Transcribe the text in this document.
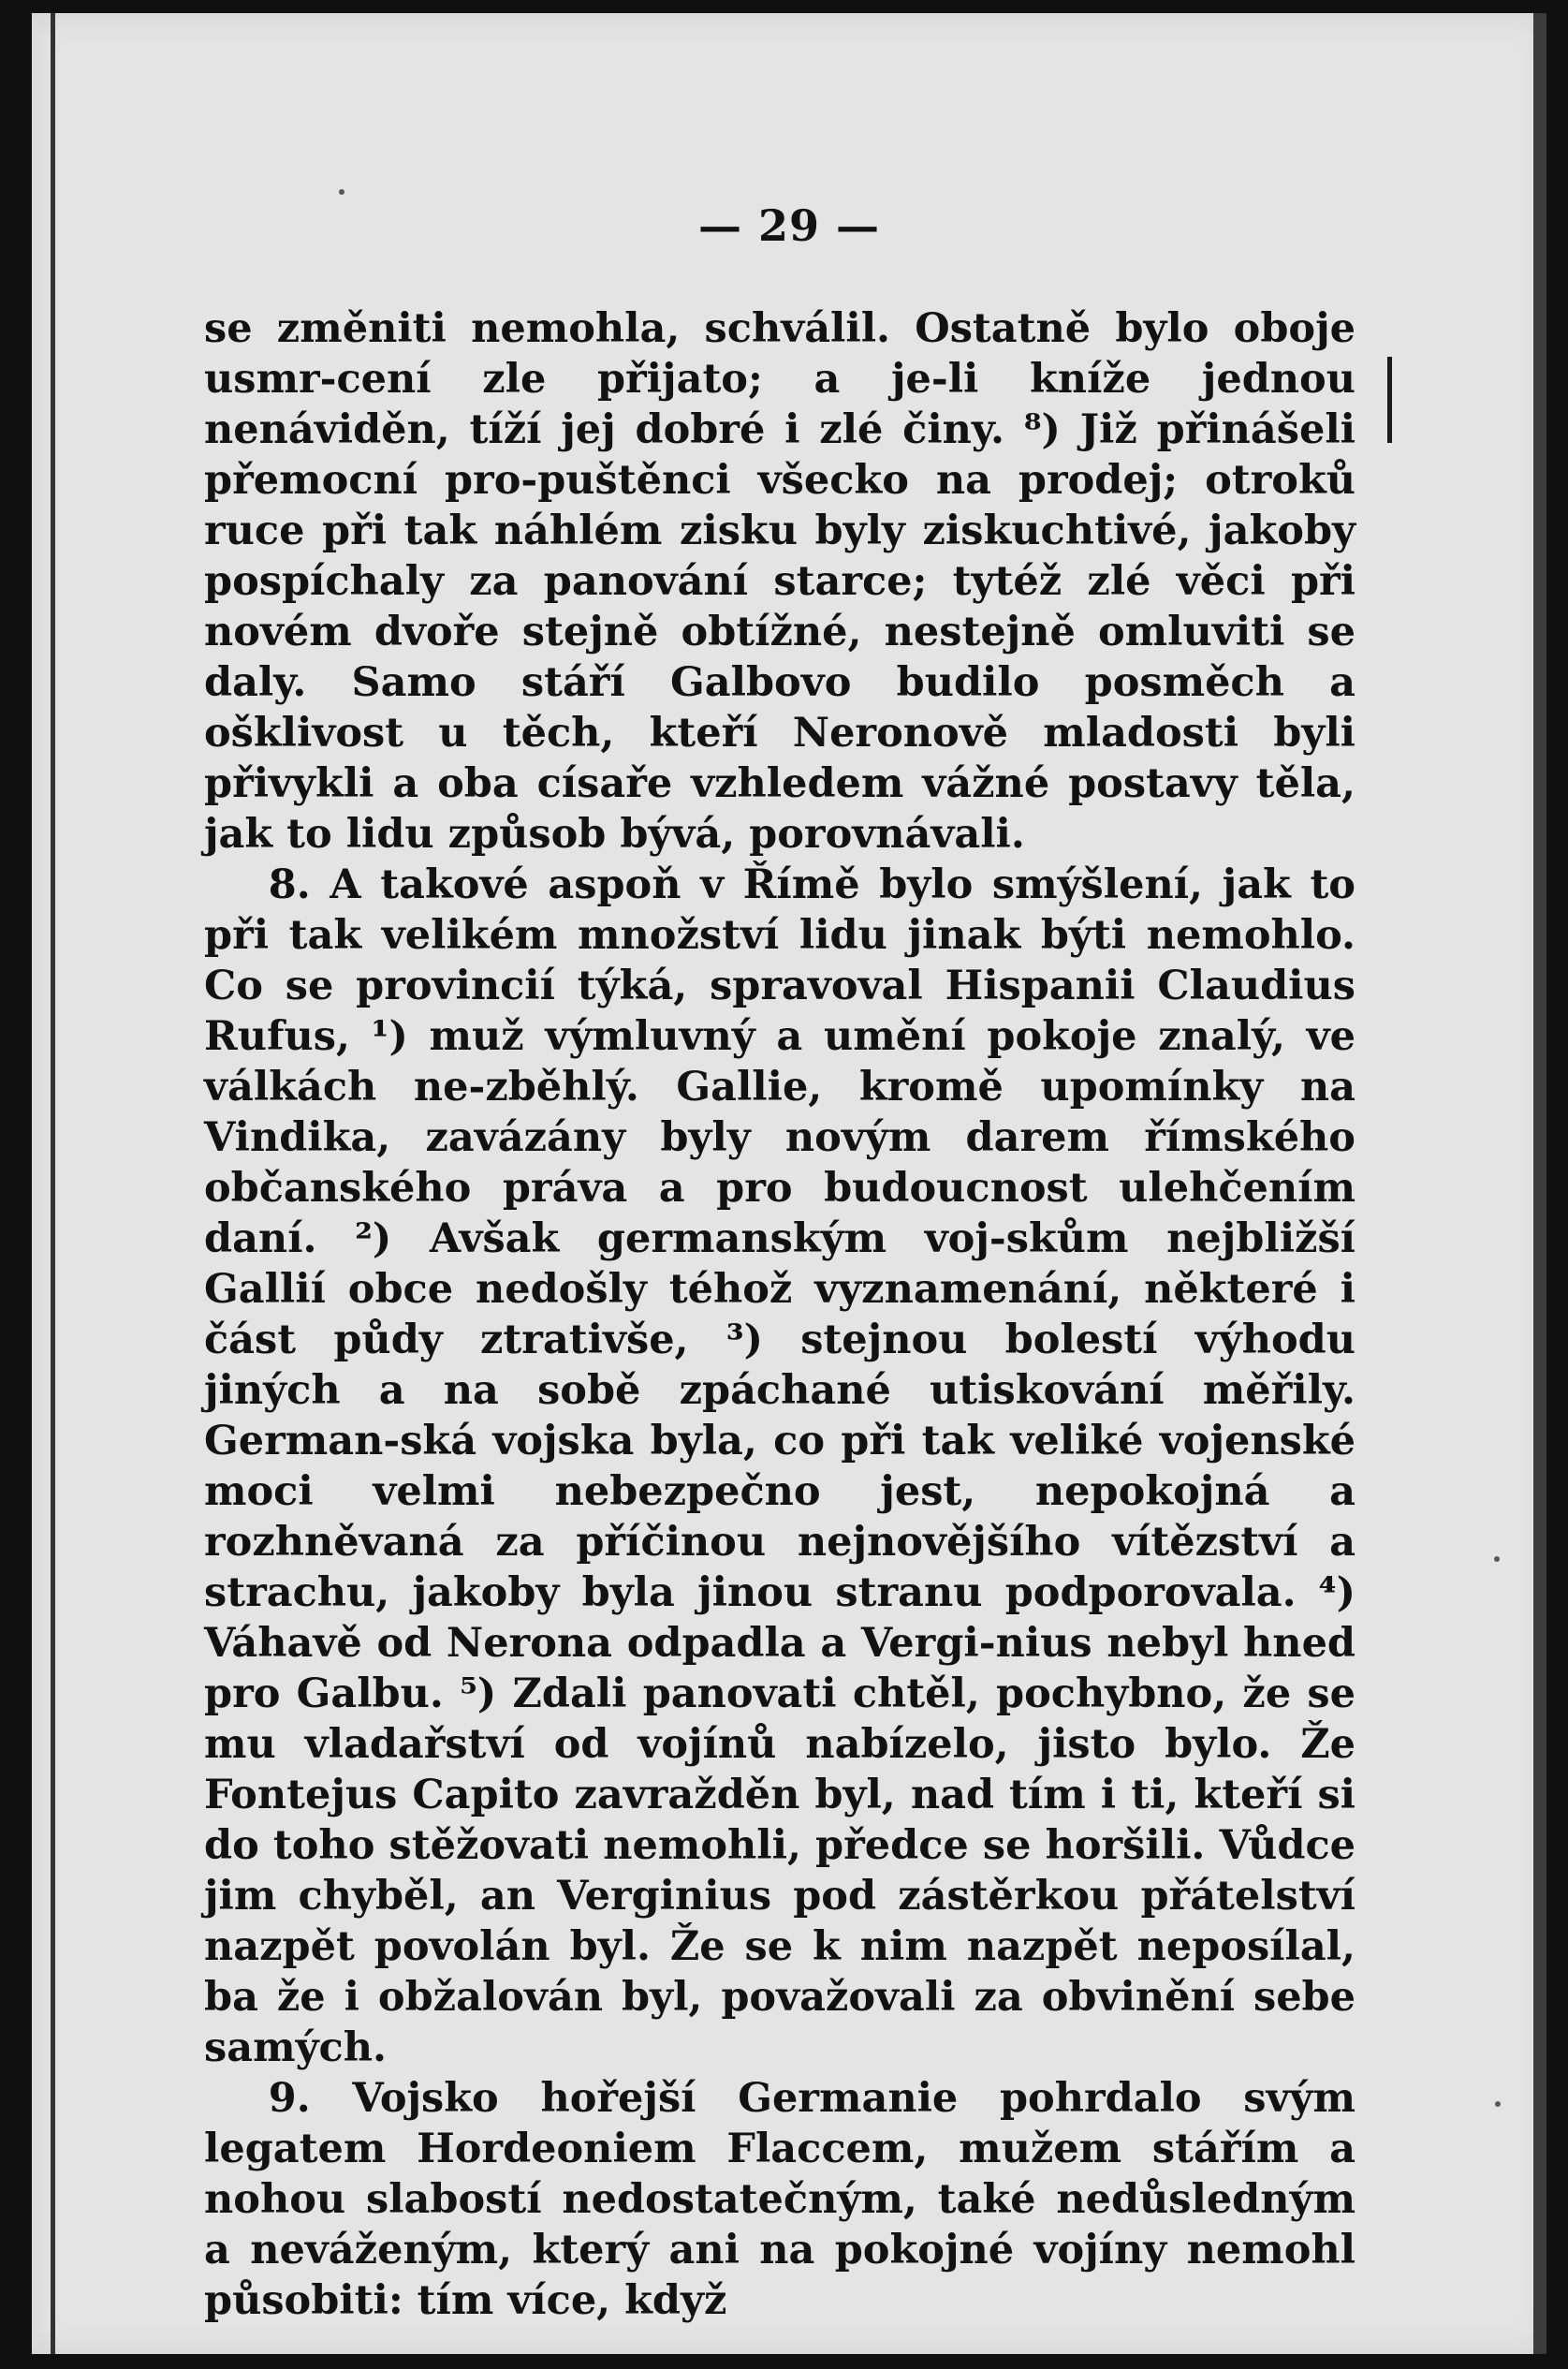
— 29 —

se změniti nemohla, schválil. Ostatně bylo oboje usmr-cení zle přijato; a je-li kníže jednou nenáviděn, tíží jej dobré i zlé činy. ⁸) Již přinášeli přemocní pro-puštěnci všecko na prodej; otroků ruce při tak náhlém zisku byly ziskuchtivé, jakoby pospíchaly za panování starce; tytéž zlé věci při novém dvoře stejně obtížné, nestejně omluviti se daly. Samo stáří Galbovo budilo posměch a ošklivost u těch, kteří Neronově mladosti byli přivykli a oba císaře vzhledem vážné postavy těla, jak to lidu způsob bývá, porovnávali.

8. A takové aspoň v Římě bylo smýšlení, jak to při tak velikém množství lidu jinak býti nemohlo. Co se provincií týká, spravoval Hispanii Claudius Rufus, ¹) muž výmluvný a umění pokoje znalý, ve válkách ne-zběhlý. Gallie, kromě upomínky na Vindika, zavázány byly novým darem římského občanského práva a pro budoucnost ulehčením daní. ²) Avšak germanským voj-skům nejbližší Gallií obce nedošly téhož vyznamenání, některé i část půdy ztrativše, ³) stejnou bolestí výhodu jiných a na sobě zpáchané utiskování měřily. German-ská vojska byla, co při tak veliké vojenské moci velmi nebezpečno jest, nepokojná a rozhněvaná za příčinou nejnovějšího vítězství a strachu, jakoby byla jinou stranu podporovala. ⁴) Váhavě od Nerona odpadla a Vergi-nius nebyl hned pro Galbu. ⁵) Zdali panovati chtěl, pochybno, že se mu vladařství od vojínů nabízelo, jisto bylo. Že Fontejus Capito zavražděn byl, nad tím i ti, kteří si do toho stěžovati nemohli, předce se horšili. Vůdce jim chyběl, an Verginius pod zástěrkou přátelství nazpět povolán byl. Že se k nim nazpět neposílal, ba že i obžalován byl, považovali za obvinění sebe samých.

9. Vojsko hořejší Germanie pohrdalo svým legatem Hordeoniem Flaccem, mužem stářím a nohou slabostí nedostatečným, také nedůsledným a neváženým, který ani na pokojné vojíny nemohl působiti: tím více, když
